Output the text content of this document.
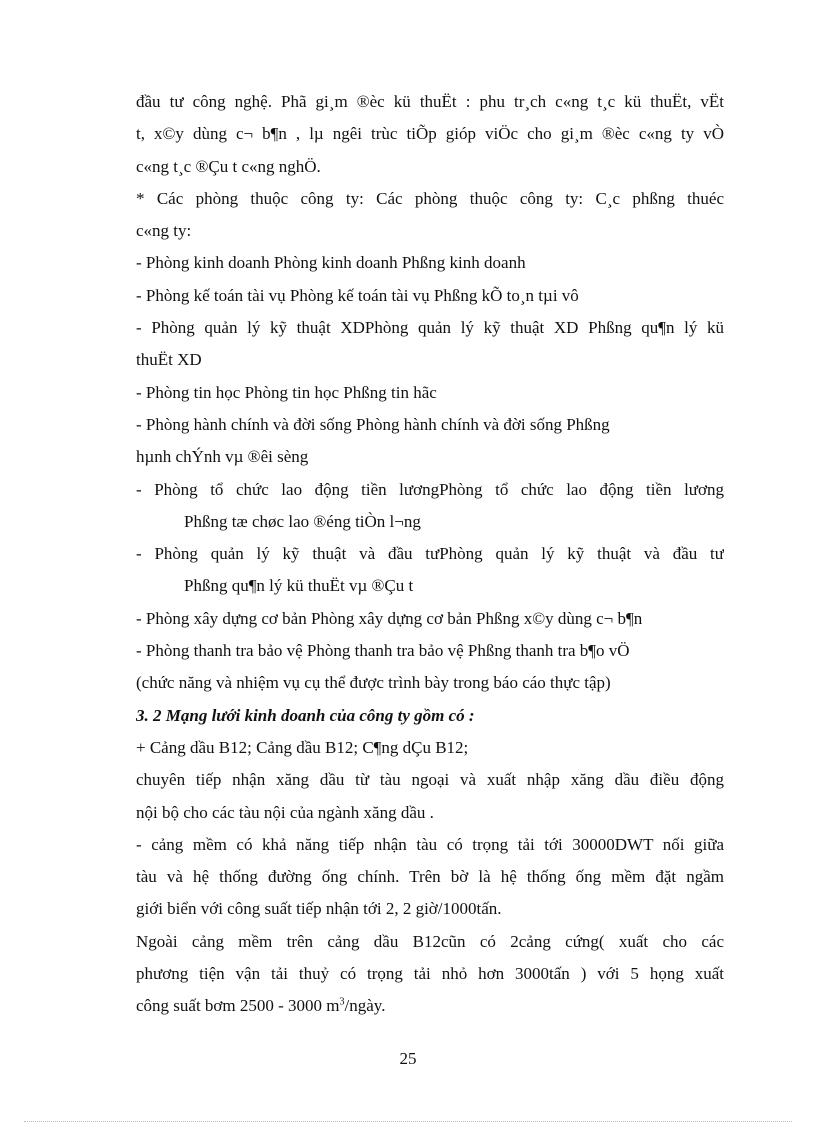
đầu tư công nghệ. Phã gi¸m ®èc kü thuËt : phu tr¸ch c«ng t¸c kü thuËt, vËt
t, x©y dùng c¬ b¶n , lµ ngêi trùc tiÕp gióp viÖc cho gi¸m ®èc c«ng ty vÒ
c«ng t¸c ®Çu t c«ng nghÖ.
* Các phòng thuộc công ty: Các phòng thuộc công ty: C¸c phßng thuéc
c«ng ty:
- Phòng kinh doanh Phòng kinh doanh Phßng kinh doanh
- Phòng kế toán tài vụ Phòng kế toán tài vụ Phßng kÕ to¸n tµi vô
- Phòng quản lý kỹ thuật XDPhòng quản lý kỹ thuật XD Phßng qu¶n lý kü
thuËt XD
- Phòng tin học Phòng tin học Phßng tin hãc
- Phòng hành chính và đời sống Phòng hành chính và đời sống Phßng
hµnh chÝnh vµ ®êi sèng
- Phòng tổ chức lao động tiền lươngPhòng tổ chức lao động tiền lương
Phßng tæ chøc lao ®éng tiÒn l¬ng
- Phòng quản lý kỹ thuật và đầu tưPhòng quản lý kỹ thuật và đầu tư
Phßng qu¶n lý kü thuËt vµ ®Çu t
- Phòng xây dựng cơ bản Phòng xây dựng cơ bản Phßng x©y dùng c¬ b¶n
- Phòng thanh tra bảo vệ Phòng thanh tra bảo vệ Phßng thanh tra b¶o vÖ
(chức năng và nhiệm vụ cụ thể được trình bày trong báo cáo thực tập)
3. 2 Mạng lưới kinh doanh của công ty gồm có :
+ Cảng dầu B12; Cảng dầu B12; C¶ng dÇu B12;
chuyên tiếp nhận xăng dầu từ tàu ngoại và xuất nhập xăng dầu điều động
nội bộ cho các tàu nội của ngành xăng dầu .
- cảng mềm có khả năng tiếp nhận tàu có trọng tải tới 30000DWT nối giữa
tàu và hệ thống đường ống chính. Trên bờ là hệ thống ống mềm đặt ngầm
giới biển với công suất tiếp nhận tới 2, 2 giờ/1000tấn.
Ngoài cảng mềm trên cảng dầu B12cũn có 2cảng cứng( xuất cho các
phương tiện vận tải thuỷ có trọng tải nhỏ hơn 3000tấn ) với 5 họng xuất
công suất bơm 2500 - 3000 $m^3$/ngày.
25
